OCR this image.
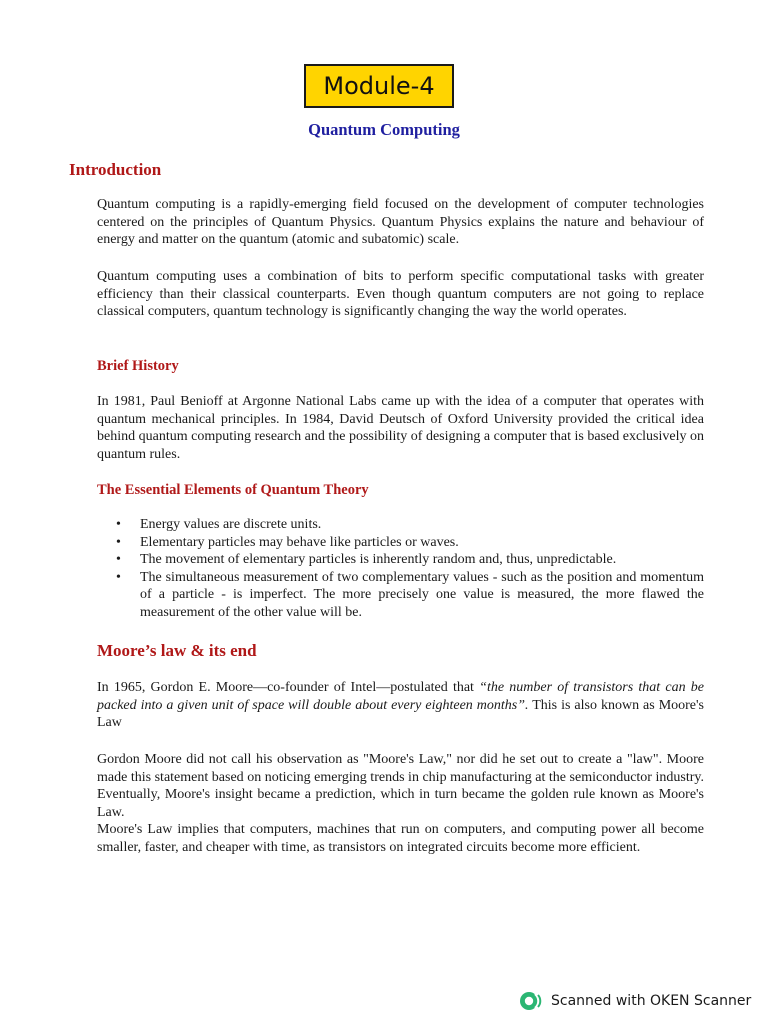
Module-4
Quantum Computing
Introduction

Quantum computing is a rapidly-emerging field focused on the development of computer technologies centered on the principles of Quantum Physics. Quantum Physics explains the nature and behaviour of energy and matter on the quantum (atomic and subatomic) scale.

Quantum computing uses a combination of bits to perform specific computational tasks with greater efficiency than their classical counterparts. Even though quantum computers are not going to replace classical computers, quantum technology is significantly changing the way the world operates.

Brief History

In 1981, Paul Benioff at Argonne National Labs came up with the idea of a computer that operates with quantum mechanical principles. In 1984, David Deutsch of Oxford University provided the critical idea behind quantum computing research and the possibility of designing a computer that is based exclusively on quantum rules.

The Essential Elements of Quantum Theory
•	Energy values are discrete units.
•	Elementary particles may behave like particles or waves.
•	The movement of elementary particles is inherently random and, thus, unpredictable.
•	The simultaneous measurement of two complementary values - such as the position and momentum of a particle - is imperfect. The more precisely one value is measured, the more flawed the measurement of the other value will be.
Moore’s law & its end

In 1965, Gordon E. Moore—co-founder of Intel—postulated that “the number of transistors that can be packed into a given unit of space will double about every eighteen months”. This is also known as Moore's Law

Gordon Moore did not call his observation as "Moore's Law," nor did he set out to create a "law". Moore made this statement based on noticing emerging trends in chip manufacturing at the semiconductor industry. Eventually, Moore's insight became a prediction, which in turn became the golden rule known as Moore's Law.

Moore's Law implies that computers, machines that run on computers, and computing power all become smaller, faster, and cheaper with time, as transistors on integrated circuits become more efficient.

Scanned with OKEN Scanner
